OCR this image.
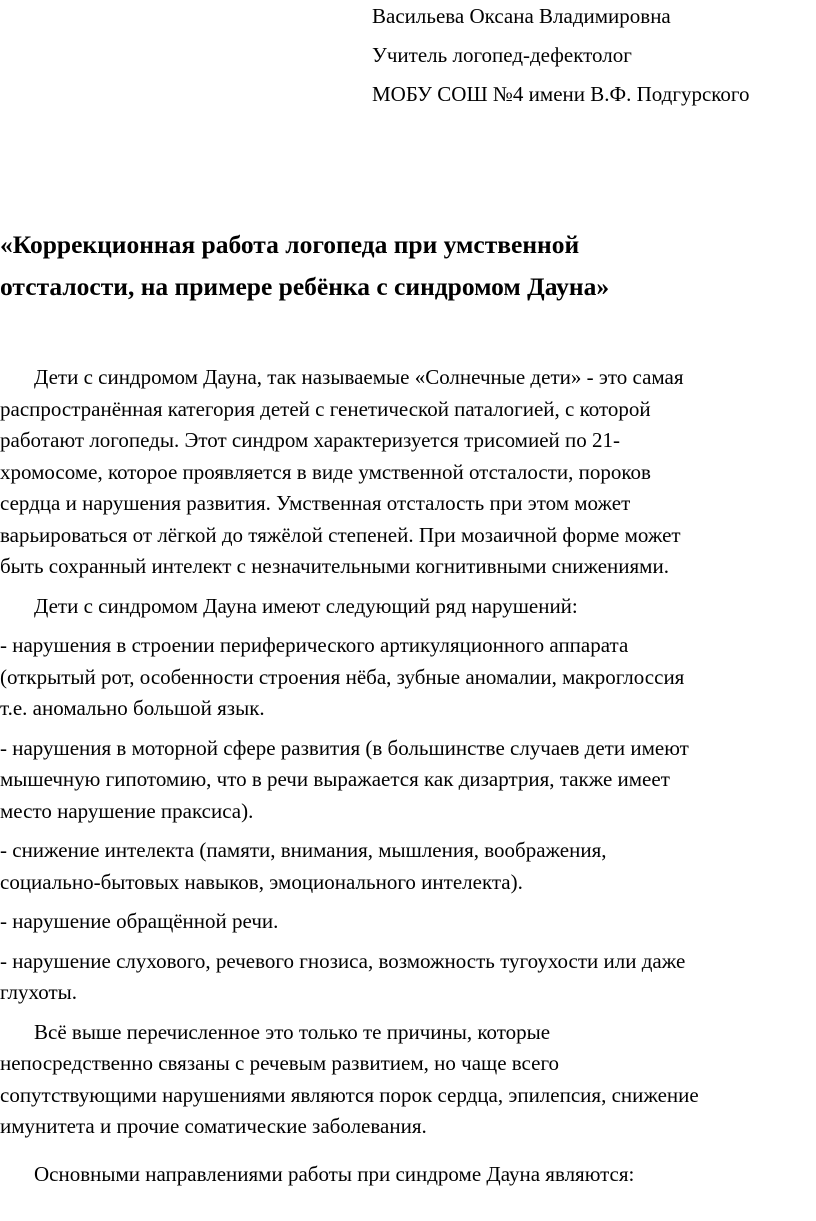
Васильева Оксана Владимировна
Учитель логопед-дефектолог
МОБУ СОШ №4 имени В.Ф. Подгурского
«Коррекционная работа логопеда при умственной
отсталости, на примере ребёнка с синдромом Дауна»

Дети с синдромом Дауна, так называемые «Солнечные дети» - это самая
распространённая категория детей с генетической паталогией, с которой
работают логопеды. Этот синдром характеризуется трисомией по 21-
хромосоме, которое проявляется в виде умственной отсталости, пороков
сердца и нарушения развития. Умственная отсталость при этом может
варьироваться от лёгкой до тяжёлой степеней. При мозаичной форме может
быть сохранный интелект с незначительными когнитивными снижениями.

Дети с синдромом Дауна имеют следующий ряд нарушений:

- нарушения в строении периферического артикуляционного аппарата
(открытый рот, особенности строения нёба, зубные аномалии, макроглоссия
т.е. аномально большой язык.

- нарушения в моторной сфере развития (в большинстве случаев дети имеют
мышечную гипотомию, что в речи выражается как дизартрия, также имеет
место нарушение праксиса).

- снижение интелекта (памяти, внимания, мышления, воображения,
социально-бытовых навыков, эмоционального интелекта).

- нарушение обращённой речи.

- нарушение слухового, речевого гнозиса, возможность тугоухости или даже
глухоты.

Всё выше перечисленное это только те причины, которые
непосредственно связаны с речевым развитием, но чаще всего
сопутствующими нарушениями являются порок сердца, эпилепсия, снижение
имунитета и прочие соматические заболевания.

Основными направлениями работы при синдроме Дауна являются:
